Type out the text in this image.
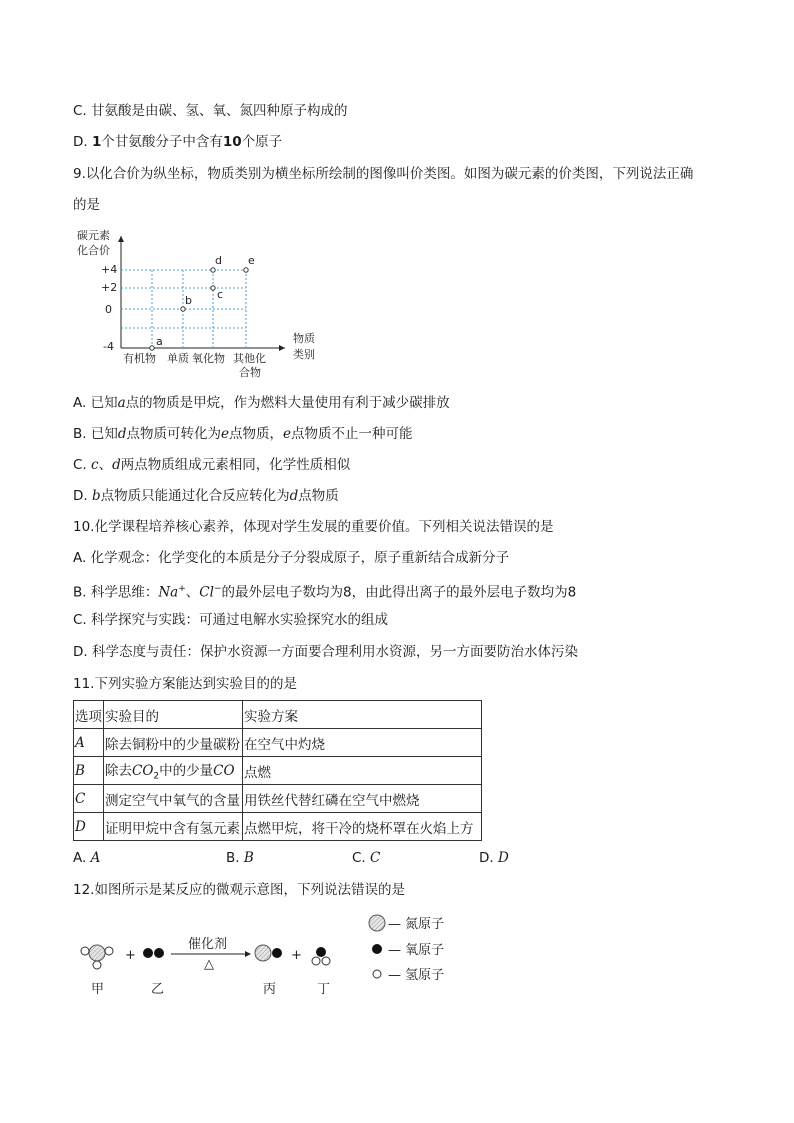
C. 甘氨酸是由碳、氢、氧、氮四种原子构成的
D. 1个甘氨酸分子中含有10个原子
9.以化合价为纵坐标，物质类别为横坐标所绘制的图像叫价类图。如图为碳元素的价类图，下列说法正确
的是
碳元素
化合价
物质
类别
+4
+2
0
-4
有机物 单质 氧化物 其他化
合物
a
b c
d e
A. 已知a点的物质是甲烷，作为燃料大量使用有利于减少碳排放
B. 已知d点物质可转化为e点物质，e点物质不止一种可能
C. c、d两点物质组成元素相同，化学性质相似
D. b点物质只能通过化合反应转化为d点物质
10.化学课程培养核心素养，体现对学生发展的重要价值。下列相关说法错误的是
A. 化学观念：化学变化的本质是分子分裂成原子，原子重新结合成新分子
B. 科学思维：Na+、Cl−的最外层电子数均为8，由此得出离子的最外层电子数均为8
C. 科学探究与实践：可通过电解水实验探究水的组成
D. 科学态度与责任：保护水资源一方面要合理利用水资源，另一方面要防治水体污染
11.下列实验方案能达到实验目的的是
选项	实验目的	实验方案
A	除去铜粉中的少量碳粉	在空气中灼烧
B	除去$CO_2$中的少量CO	点燃
C	测定空气中氧气的含量	用铁丝代替红磷在空气中燃烧
D	证明甲烷中含有氢元素	点燃甲烷，将干冷的烧杯罩在火焰上方
A. A	B. B	C. C	D. D
12.如图所示是某反应的微观示意图，下列说法错误的是
+
催化剂
△
+
甲	乙	丙	丁
— 氮原子
— 氧原子
— 氢原子
